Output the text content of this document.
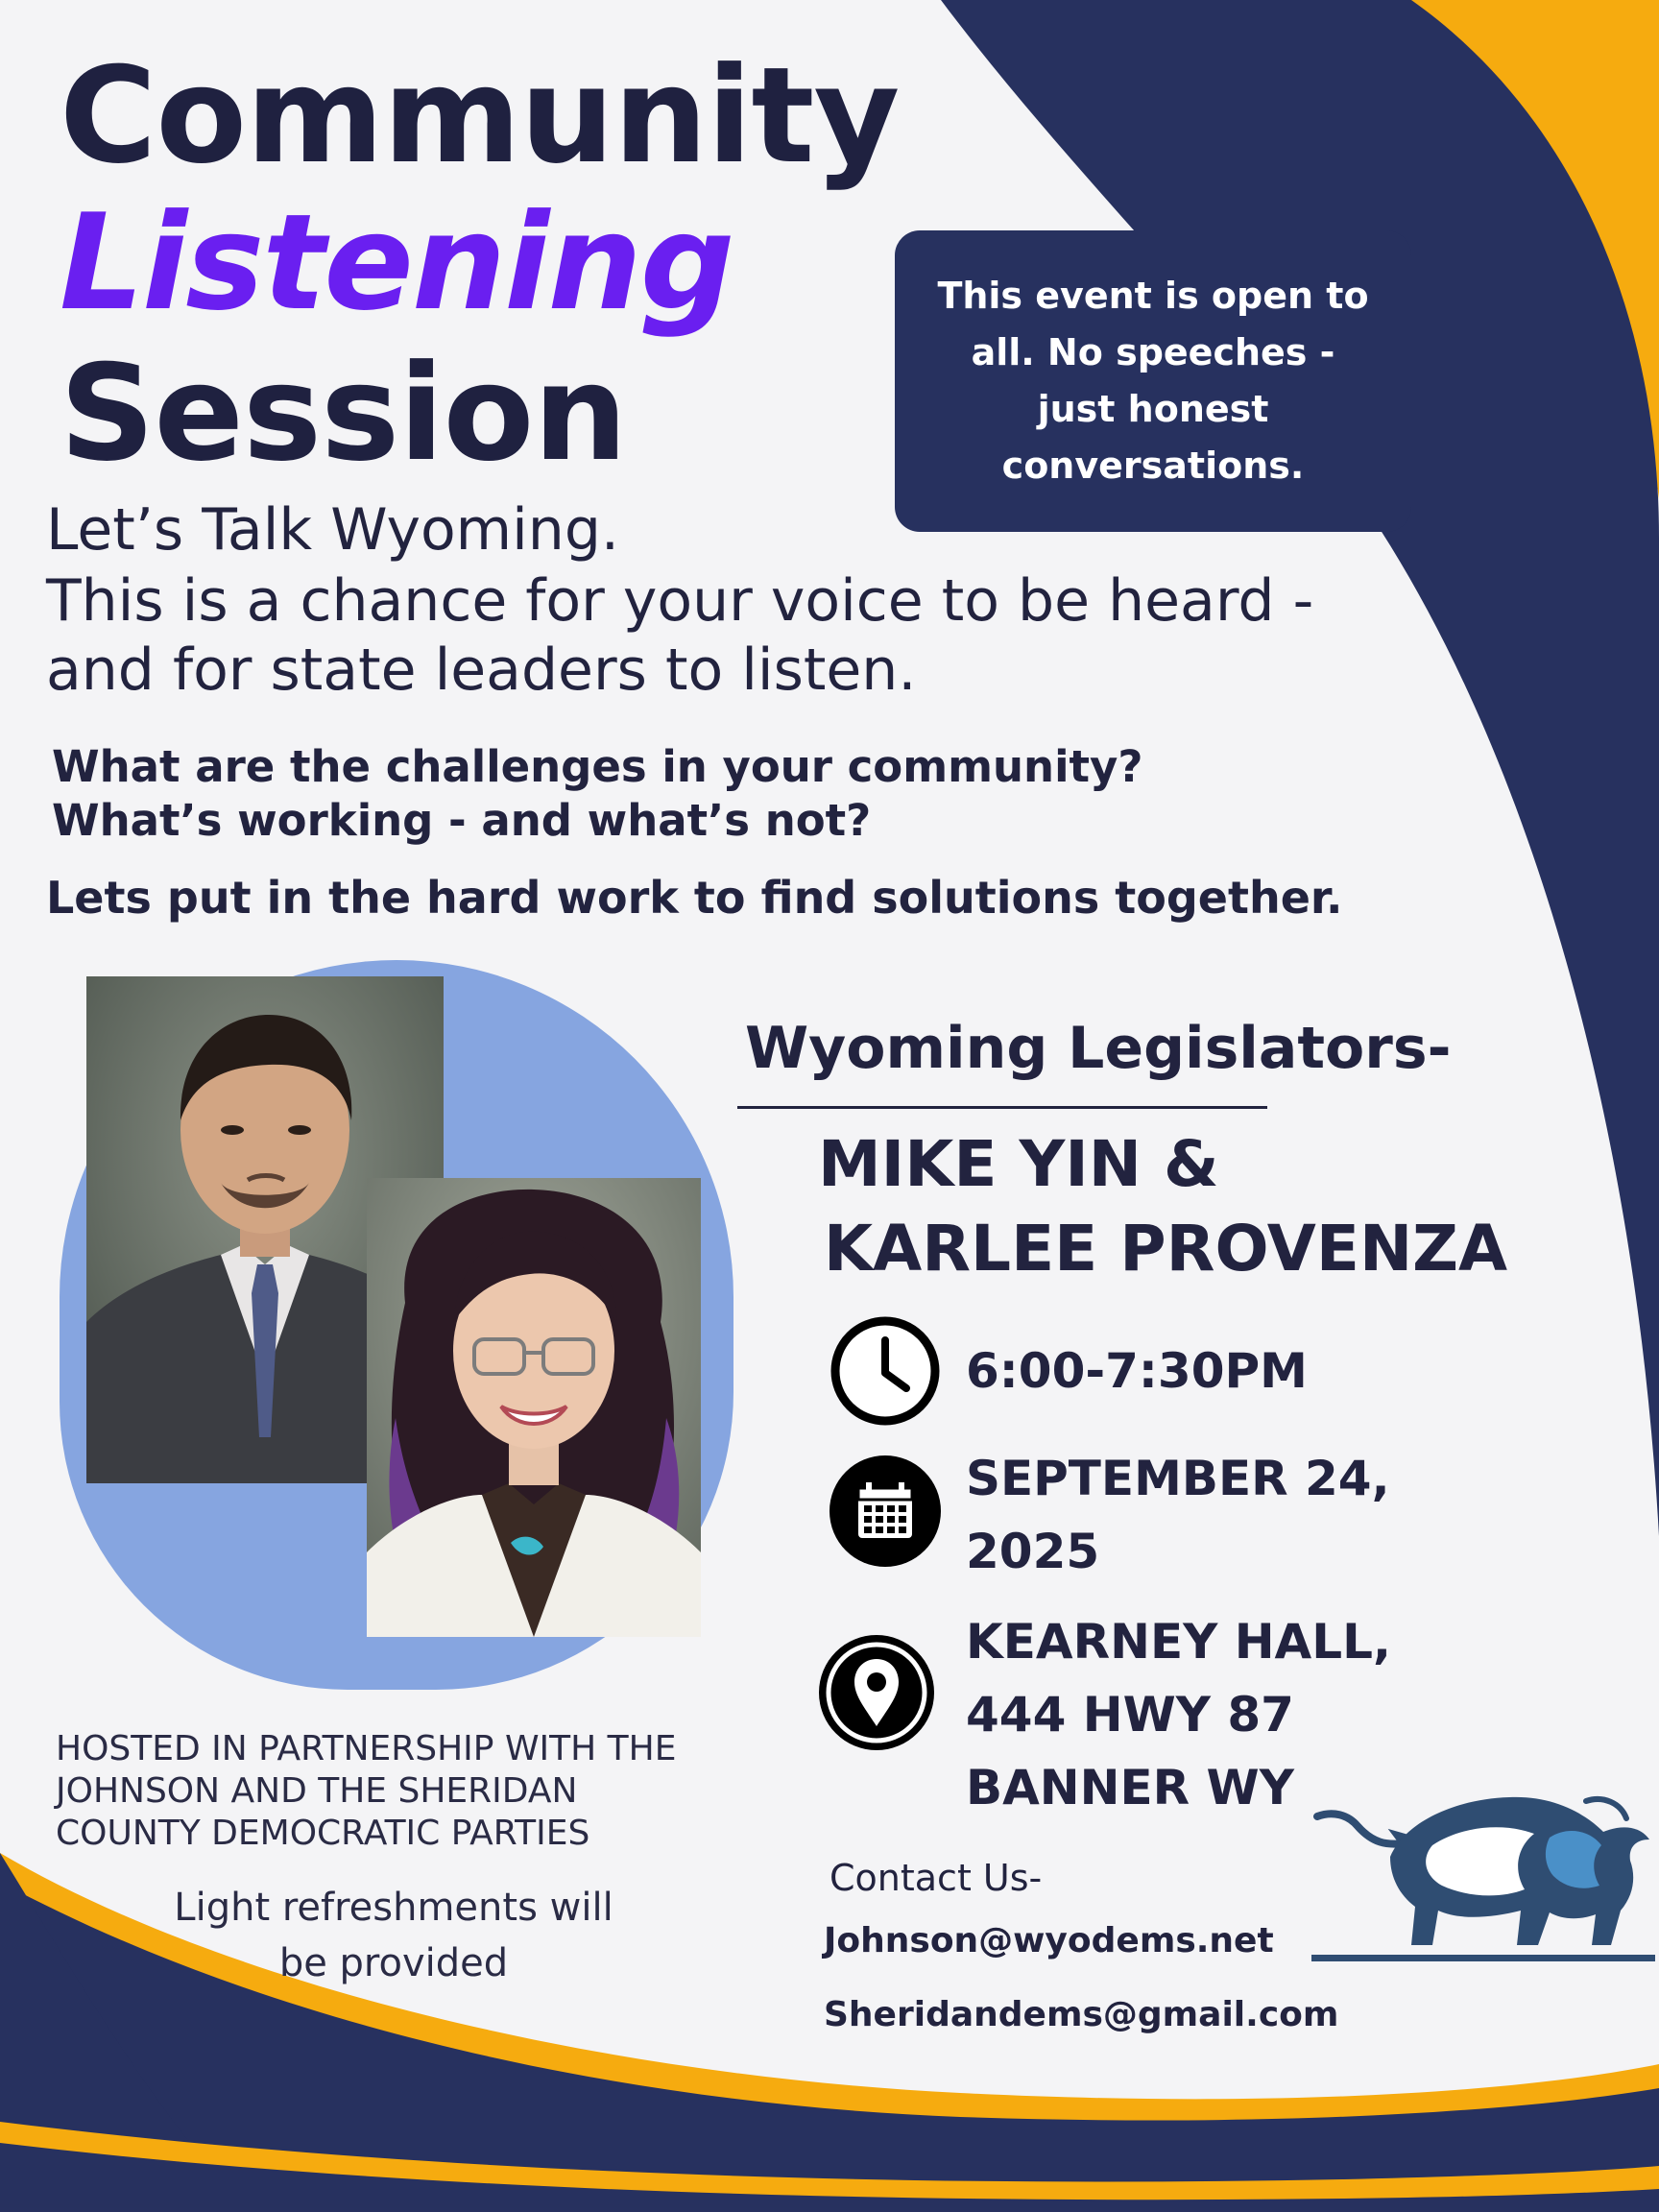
Community
Listening
Session
This event is open to all. No speeches - just honest conversations.
Let’s Talk Wyoming.
This is a chance for your voice to be heard -
and for state leaders to listen.
What are the challenges in your community?
What’s working - and what’s not?
Lets put in the hard work to find solutions together.
Wyoming Legislators-
MIKE YIN &
KARLEE PROVENZA
6:00-7:30PM
SEPTEMBER 24,
2025
KEARNEY HALL,
444 HWY 87
BANNER WY
HOSTED IN PARTNERSHIP WITH THE
JOHNSON AND THE SHERIDAN
COUNTY DEMOCRATIC PARTIES
Light refreshments will
be provided
Contact Us-
Johnson@wyodems.net
Sheridandems@gmail.com
